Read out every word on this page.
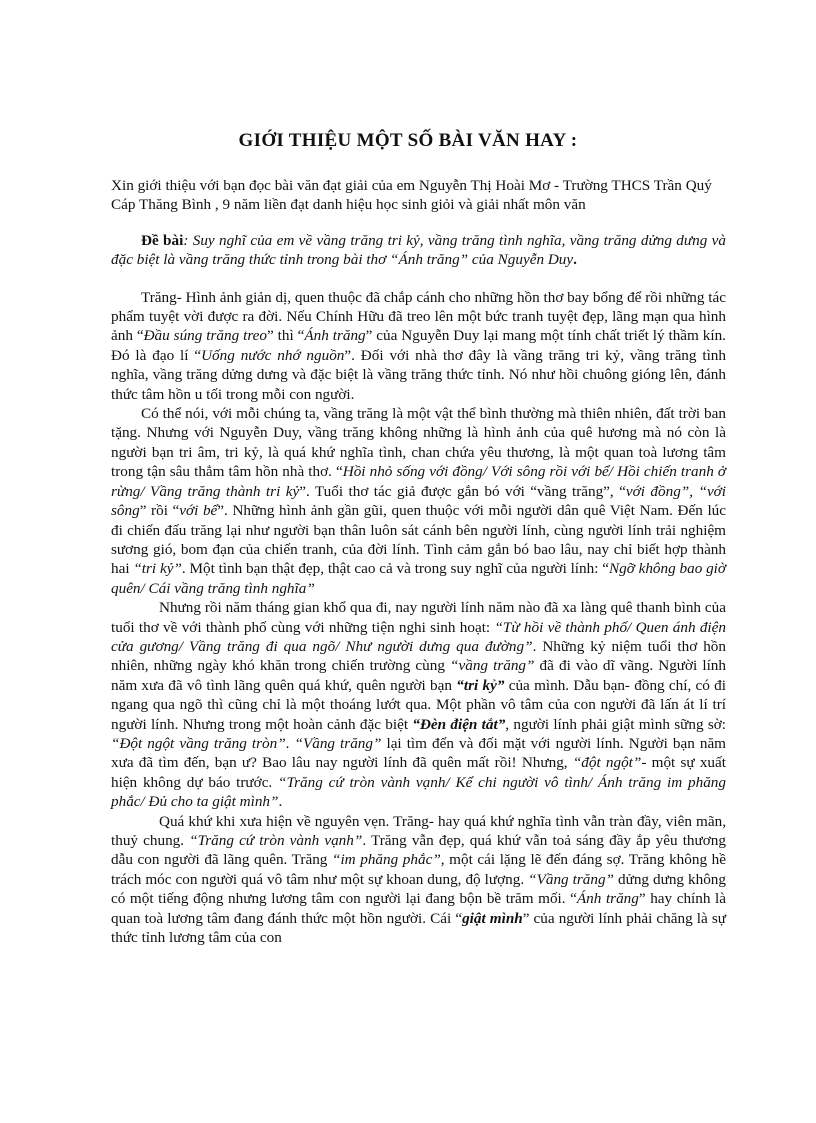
GIỚI THIỆU MỘT SỐ BÀI VĂN HAY :

Xin giới thiệu với bạn đọc bài văn đạt giải của em Nguyễn Thị Hoài Mơ - Trường THCS Trần Quý Cáp Thăng Bình , 9 năm liền đạt danh hiệu học sinh giỏi và giải nhất môn văn

Đề bài: Suy nghĩ của em về vầng trăng tri kỷ, vầng trăng tình nghĩa, vầng trăng dửng dưng và đặc biệt là vầng trăng thức tỉnh trong bài thơ “Ánh trăng” của Nguyễn Duy.

Trăng- Hình ảnh giản dị, quen thuộc đã chắp cánh cho những hồn thơ bay bổng để rồi những tác phẩm tuyệt vời được ra đời. Nếu Chính Hữu đã treo lên một bức tranh tuyệt đẹp, lãng mạn qua hình ảnh “Đầu súng trăng treo” thì “Ánh trăng” của Nguyễn Duy lại mang một tính chất triết lý thầm kín. Đó là đạo lí “Uống nước nhớ nguồn”. Đối với nhà thơ đây là vầng trăng tri kỷ, vầng trăng tình nghĩa, vầng trăng dửng dưng và đặc biệt là vầng trăng thức tỉnh. Nó như hồi chuông gióng lên, đánh thức tâm hồn u tối trong mỗi con người.

Có thể nói, với mỗi chúng ta, vầng trăng là một vật thể bình thường mà thiên nhiên, đất trời ban tặng. Nhưng với Nguyễn Duy, vầng trăng không những là hình ảnh của quê hương mà nó còn là người bạn tri âm, tri kỷ, là quá khứ nghĩa tình, chan chứa yêu thương, là một quan toà lương tâm trong tận sâu thẳm tâm hồn nhà thơ. “Hồi nhỏ sống với đồng/ Với sông rồi với bể/ Hồi chiến tranh ở rừng/ Vầng trăng thành tri kỷ”. Tuổi thơ tác giả được gắn bó với “vầng trăng”, “với đồng”, “với sông” rồi “với bể”. Những hình ảnh gần gũi, quen thuộc với mỗi người dân quê Việt Nam. Đến lúc đi chiến đấu trăng lại như người bạn thân luôn sát cánh bên người lính, cùng người lính trải nghiệm sương gió, bom đạn của chiến tranh, của đời lính. Tình cảm gắn bó bao lâu, nay chỉ biết hợp thành hai “tri kỷ”. Một tình bạn thật đẹp, thật cao cả và trong suy nghĩ của người lính: “Ngỡ không bao giờ quên/ Cái vầng trăng tình nghĩa”

Nhưng rồi năm tháng gian khổ qua đi, nay người lính năm nào đã xa làng quê thanh bình của tuổi thơ về với thành phố cùng với những tiện nghi sinh hoạt: “Từ hồi về thành phố/ Quen ánh điện cửa gương/ Vầng trăng đi qua ngõ/ Như người dưng qua đường”. Những kỷ niệm tuổi thơ hồn nhiên, những ngày khó khăn trong chiến trường cùng “vầng trăng” đã đi vào dĩ vãng. Người lính năm xưa đã vô tình lãng quên quá khứ, quên người bạn “tri kỷ” của mình. Dẫu bạn- đồng chí, có đi ngang qua ngõ thì cũng chỉ là một thoáng lướt qua. Một phần vô tâm của con người đã lấn át lí trí người lính. Nhưng trong một hoàn cảnh đặc biệt “Đèn điện tắt”, người lính phải giật mình sững sờ: “Đột ngột vầng trăng tròn”. “Vầng trăng” lại tìm đến và đối mặt với người lính. Người bạn năm xưa đã tìm đến, bạn ư? Bao lâu nay người lính đã quên mất rồi! Nhưng, “đột ngột”- một sự xuất hiện không dự báo trước. “Trăng cứ tròn vành vạnh/ Kể chi người vô tình/ Ánh trăng im phăng phắc/ Đủ cho ta giật mình”.

Quá khứ khi xưa hiện về nguyên vẹn. Trăng- hay quá khứ nghĩa tình vẫn tràn đầy, viên mãn, thuỷ chung. “Trăng cứ tròn vành vạnh”. Trăng vẫn đẹp, quá khứ vẫn toả sáng đầy ắp yêu thương dẫu con người đã lãng quên. Trăng “im phăng phắc”, một cái lặng lẽ đến đáng sợ. Trăng không hề trách móc con người quá vô tâm như một sự khoan dung, độ lượng. “Vầng trăng” dửng dưng không có một tiếng động nhưng lương tâm con người lại đang bộn bề trăm mối. “Ánh trăng” hay chính là quan toà lương tâm đang đánh thức một hồn người. Cái “giật mình” của người lính phải chăng là sự thức tỉnh lương tâm của con
